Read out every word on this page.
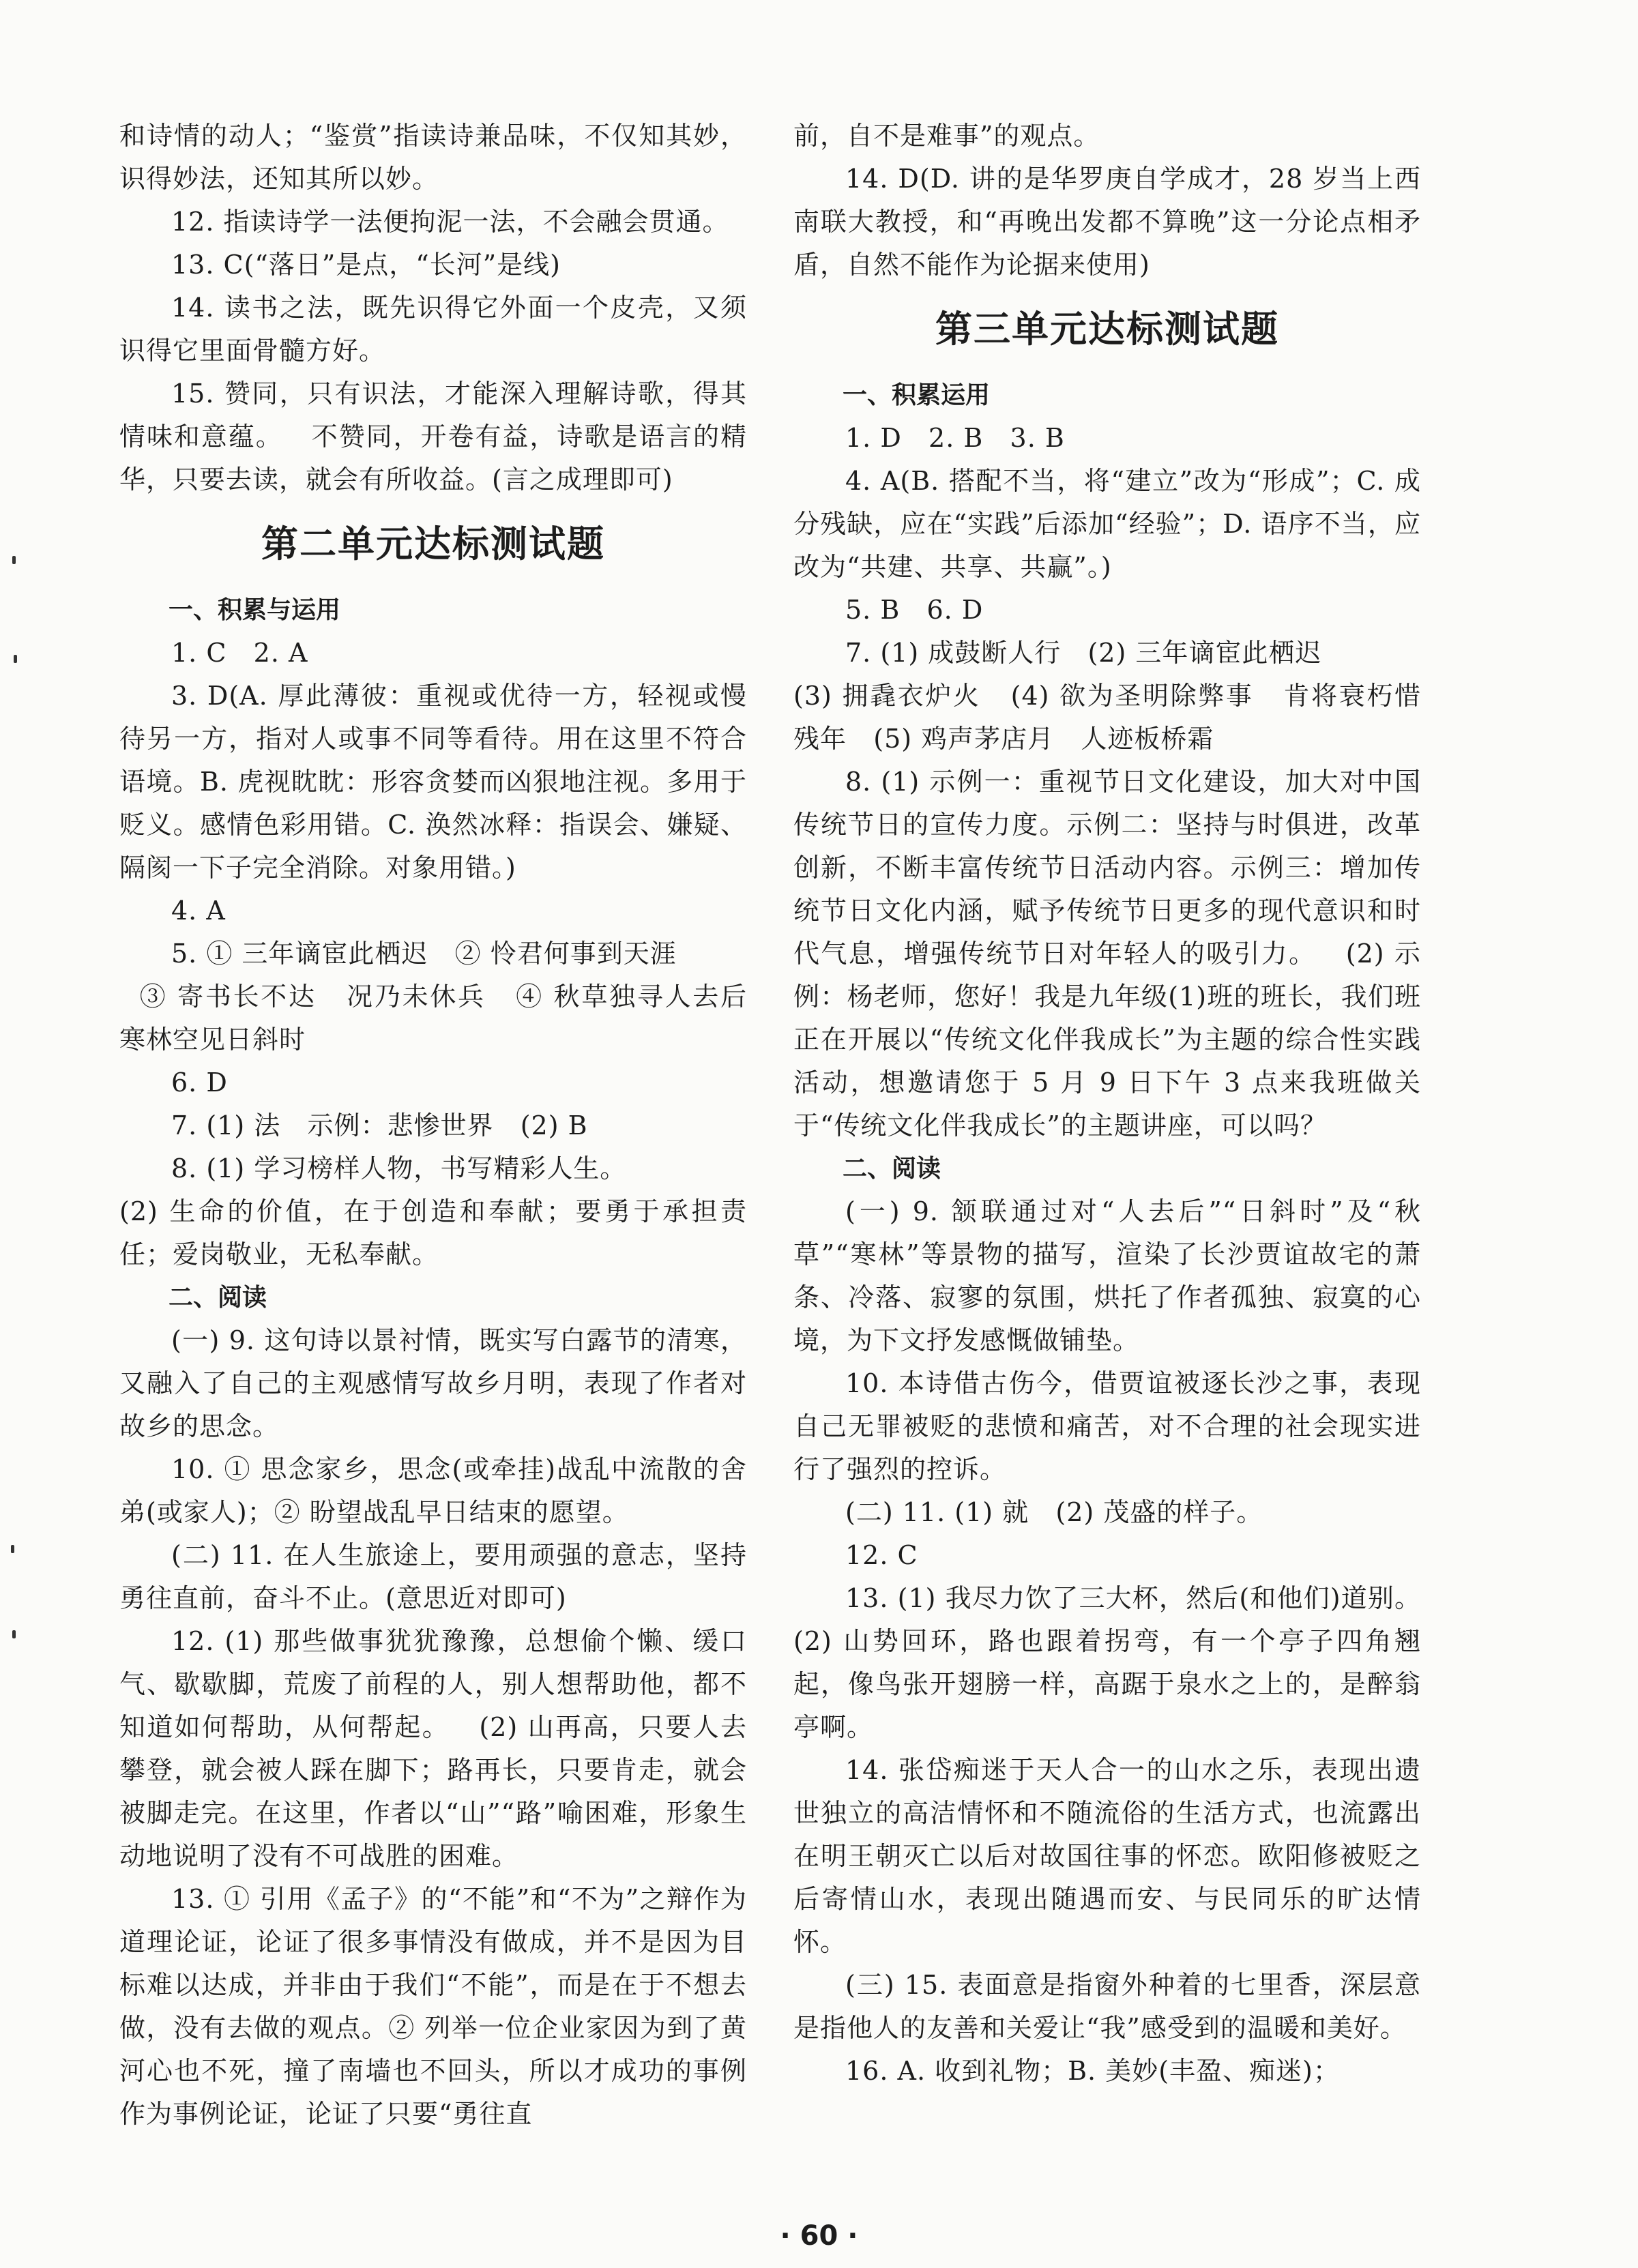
和诗情的动人；“鉴赏”指读诗兼品味，不仅知其妙，识得妙法，还知其所以妙。

12. 指读诗学一法便拘泥一法，不会融会贯通。

13. C(“落日”是点，“长河”是线)

14. 读书之法，既先识得它外面一个皮壳，又须识得它里面骨髓方好。

15. 赞同，只有识法，才能深入理解诗歌，得其情味和意蕴。   不赞同，开卷有益，诗歌是语言的精华，只要去读，就会有所收益。(言之成理即可)

第二单元达标测试题

一、积累与运用

1. C   2. A

3. D(A. 厚此薄彼：重视或优待一方，轻视或慢待另一方，指对人或事不同等看待。用在这里不符合语境。B. 虎视眈眈：形容贪婪而凶狠地注视。多用于贬义。感情色彩用错。C. 涣然冰释：指误会、嫌疑、隔阂一下子完全消除。对象用错。)

4. A

5. ① 三年谪宦此栖迟   ② 怜君何事到天涯

③ 寄书长不达   况乃未休兵   ④ 秋草独寻人去后   寒林空见日斜时

6. D

7. (1) 法   示例：悲惨世界   (2) B

8. (1) 学习榜样人物，书写精彩人生。

(2) 生命的价值，在于创造和奉献；要勇于承担责任；爱岗敬业，无私奉献。

二、阅读

(一) 9. 这句诗以景衬情，既实写白露节的清寒，又融入了自己的主观感情写故乡月明，表现了作者对故乡的思念。

10. ① 思念家乡，思念(或牵挂)战乱中流散的舍弟(或家人)；② 盼望战乱早日结束的愿望。

(二) 11. 在人生旅途上，要用顽强的意志，坚持勇往直前，奋斗不止。(意思近对即可)

12. (1) 那些做事犹犹豫豫，总想偷个懒、缓口气、歇歇脚，荒废了前程的人，别人想帮助他，都不知道如何帮助，从何帮起。   (2) 山再高，只要人去攀登，就会被人踩在脚下；路再长，只要肯走，就会被脚走完。在这里，作者以“山”“路”喻困难，形象生动地说明了没有不可战胜的困难。

13. ① 引用《孟子》的“不能”和“不为”之辩作为道理论证，论证了很多事情没有做成，并不是因为目标难以达成，并非由于我们“不能”，而是在于不想去做，没有去做的观点。② 列举一位企业家因为到了黄河心也不死，撞了南墙也不回头，所以才成功的事例作为事例论证，论证了只要“勇往直

前，自不是难事”的观点。

14. D(D. 讲的是华罗庚自学成才，28 岁当上西南联大教授，和“再晚出发都不算晚”这一分论点相矛盾，自然不能作为论据来使用)

第三单元达标测试题

一、积累运用

1. D   2. B   3. B

4. A(B. 搭配不当，将“建立”改为“形成”；C. 成分残缺，应在“实践”后添加“经验”；D. 语序不当，应改为“共建、共享、共赢”。)

5. B   6. D

7. (1) 成鼓断人行   (2) 三年谪宦此栖迟

(3) 拥毳衣炉火   (4) 欲为圣明除弊事   肯将衰朽惜残年   (5) 鸡声茅店月   人迹板桥霜

8. (1) 示例一：重视节日文化建设，加大对中国传统节日的宣传力度。示例二：坚持与时俱进，改革创新，不断丰富传统节日活动内容。示例三：增加传统节日文化内涵，赋予传统节日更多的现代意识和时代气息，增强传统节日对年轻人的吸引力。   (2) 示例：杨老师，您好！我是九年级(1)班的班长，我们班正在开展以“传统文化伴我成长”为主题的综合性实践活动，想邀请您于 5 月 9 日下午 3 点来我班做关于“传统文化伴我成长”的主题讲座，可以吗？

二、阅读

(一) 9. 颔联通过对“人去后”“日斜时”及“秋草”“寒林”等景物的描写，渲染了长沙贾谊故宅的萧条、冷落、寂寥的氛围，烘托了作者孤独、寂寞的心境，为下文抒发感慨做铺垫。

10. 本诗借古伤今，借贾谊被逐长沙之事，表现自己无罪被贬的悲愤和痛苦，对不合理的社会现实进行了强烈的控诉。

(二) 11. (1) 就   (2) 茂盛的样子。

12. C

13. (1) 我尽力饮了三大杯，然后(和他们)道别。   (2) 山势回环，路也跟着拐弯，有一个亭子四角翘起，像鸟张开翅膀一样，高踞于泉水之上的，是醉翁亭啊。

14. 张岱痴迷于天人合一的山水之乐，表现出遗世独立的高洁情怀和不随流俗的生活方式，也流露出在明王朝灭亡以后对故国往事的怀恋。欧阳修被贬之后寄情山水，表现出随遇而安、与民同乐的旷达情怀。

(三) 15. 表面意是指窗外种着的七里香，深层意是指他人的友善和关爱让“我”感受到的温暖和美好。

16. A. 收到礼物；B. 美妙(丰盈、痴迷)；

· 60 ·
